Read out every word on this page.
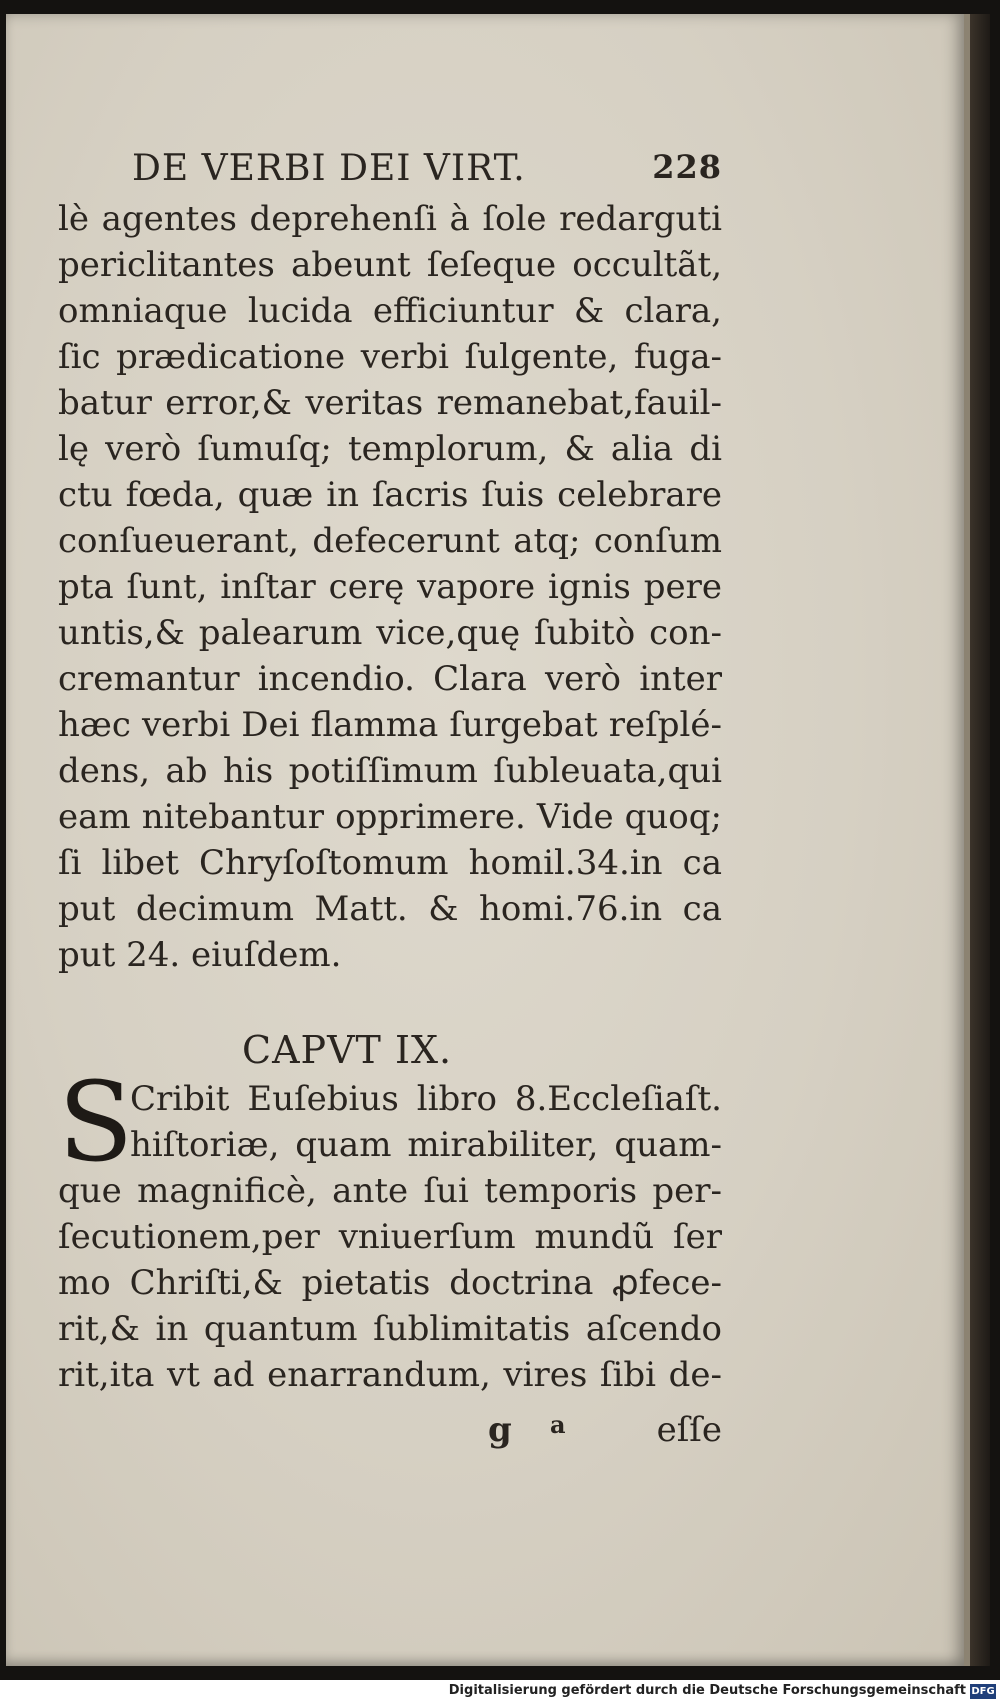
DE VERBI DEI VIRT.	228
lè agentes deprehenſi à ſole redarguti
periclitantes abeunt ſeſeque occultãt,
omniaque lucida efficiuntur & clara,
ſic prædicatione verbi ſulgente, fuga-
batur error,& veritas remanebat,fauil-
lę verò ſumuſq; templorum, & alia di
ctu fœda, quæ in ſacris ſuis celebrare
conſueuerant, defecerunt atq; conſum
pta ſunt, inſtar cerę vapore ignis pere
untis,& palearum vice,quę ſubitò con-
cremantur incendio. Clara verò inter
hæc verbi Dei flamma ſurgebat reſplé-
dens, ab his potiſſimum ſubleuata,qui
eam nitebantur opprimere. Vide quoq;
ſi libet Chryſoſtomum homil.34.in ca
put decimum Matt. & homi.76.in ca
put 24. eiuſdem.
CAPVT IX.
S
Cribit Euſebius libro 8.Eccleſiaſt.
hiſtoriæ, quam mirabiliter, quam-
que magnificè, ante ſui temporis per-
ſecutionem,per vniuerſum mundũ ſer
mo Chriſti,& pietatis doctrina ꝓfece-
rit,& in quantum ſublimitatis aſcendo
rit,ita vt ad enarrandum, vires ſibi de-
g a	eſſe
Digitalisierung gefördert durch die Deutsche Forschungsgemeinschaft DFG
